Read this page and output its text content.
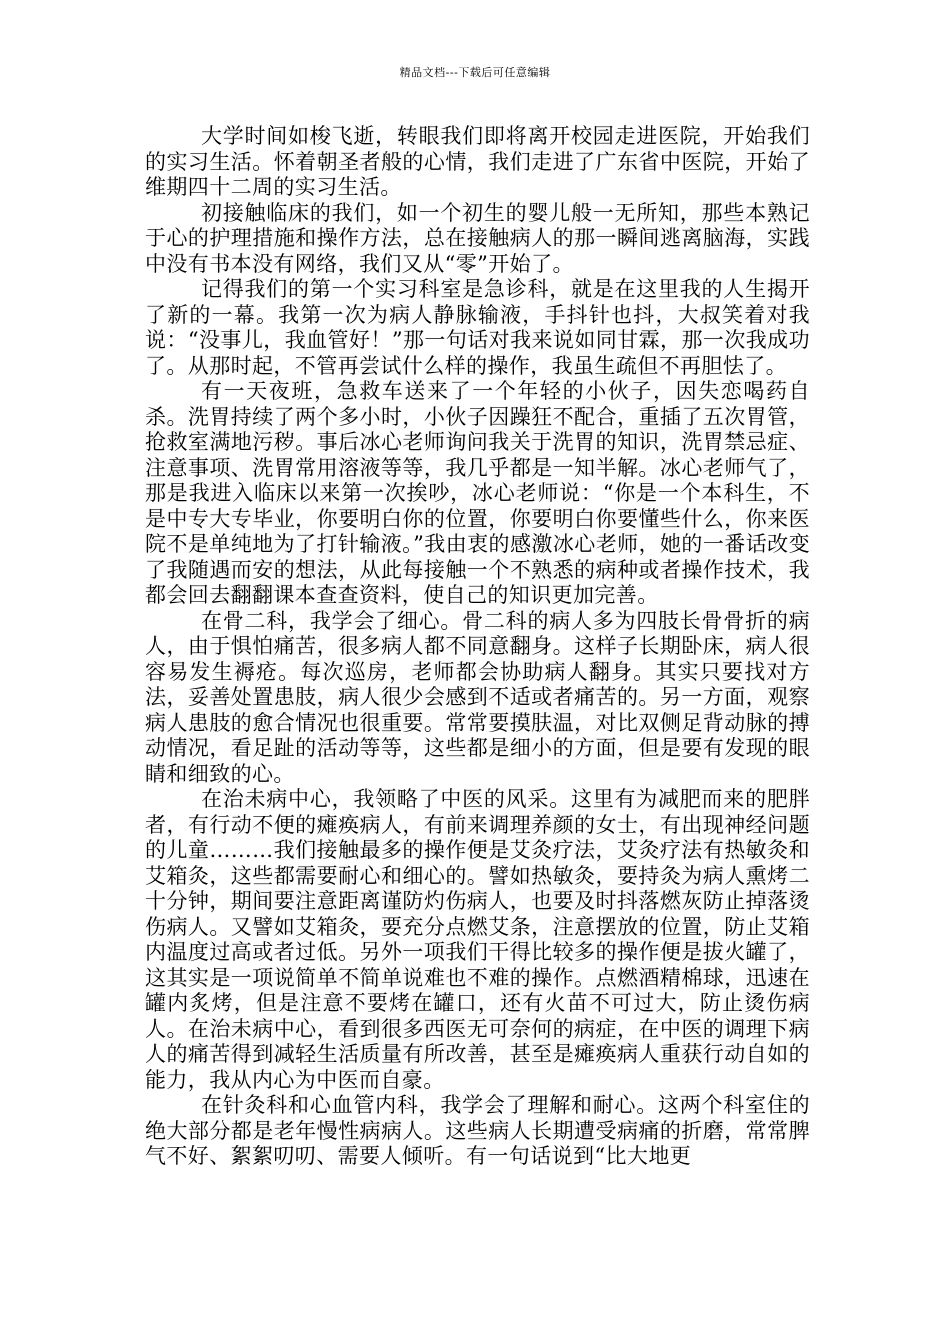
精品文档---下载后可任意编辑

大学时间如梭飞逝，转眼我们即将离开校园走进医院，开始我们的实习生活。怀着朝圣者般的心情，我们走进了广东省中医院，开始了维期四十二周的实习生活。

初接触临床的我们，如一个初生的婴儿般一无所知，那些本熟记于心的护理措施和操作方法，总在接触病人的那一瞬间逃离脑海，实践中没有书本没有网络，我们又从“零”开始了。

记得我们的第一个实习科室是急诊科，就是在这里我的人生揭开了新的一幕。我第一次为病人静脉输液，手抖针也抖，大叔笑着对我说：“没事儿，我血管好！”那一句话对我来说如同甘霖，那一次我成功了。从那时起，不管再尝试什么样的操作，我虽生疏但不再胆怯了。

有一天夜班，急救车送来了一个年轻的小伙子，因失恋喝药自杀。洗胃持续了两个多小时，小伙子因躁狂不配合，重插了五次胃管，抢救室满地污秽。事后冰心老师询问我关于洗胃的知识，洗胃禁忌症、注意事项、洗胃常用溶液等等，我几乎都是一知半解。冰心老师气了，那是我进入临床以来第一次挨吵，冰心老师说：“你是一个本科生，不是中专大专毕业，你要明白你的位置，你要明白你要懂些什么，你来医院不是单纯地为了打针输液。”我由衷的感激冰心老师，她的一番话改变了我随遇而安的想法，从此每接触一个不熟悉的病种或者操作技术，我都会回去翻翻课本查查资料，使自己的知识更加完善。

在骨二科，我学会了细心。骨二科的病人多为四肢长骨骨折的病人，由于惧怕痛苦，很多病人都不同意翻身。这样子长期卧床，病人很容易发生褥疮。每次巡房，老师都会协助病人翻身。其实只要找对方法，妥善处置患肢，病人很少会感到不适或者痛苦的。另一方面，观察病人患肢的愈合情况也很重要。常常要摸肤温，对比双侧足背动脉的搏动情况，看足趾的活动等等，这些都是细小的方面，但是要有发现的眼睛和细致的心。

在治未病中心，我领略了中医的风采。这里有为减肥而来的肥胖者，有行动不便的瘫痪病人，有前来调理养颜的女士，有出现神经问题的儿童………我们接触最多的操作便是艾灸疗法，艾灸疗法有热敏灸和艾箱灸，这些都需要耐心和细心的。譬如热敏灸，要持灸为病人熏烤二十分钟，期间要注意距离谨防灼伤病人，也要及时抖落燃灰防止掉落烫伤病人。又譬如艾箱灸，要充分点燃艾条，注意摆放的位置，防止艾箱内温度过高或者过低。另外一项我们干得比较多的操作便是拔火罐了，这其实是一项说简单不简单说难也不难的操作。点燃酒精棉球，迅速在罐内炙烤，但是注意不要烤在罐口，还有火苗不可过大，防止烫伤病人。在治未病中心，看到很多西医无可奈何的病症，在中医的调理下病人的痛苦得到减轻生活质量有所改善，甚至是瘫痪病人重获行动自如的能力，我从内心为中医而自豪。

在针灸科和心血管内科，我学会了理解和耐心。这两个科室住的绝大部分都是老年慢性病病人。这些病人长期遭受病痛的折磨，常常脾气不好、絮絮叨叨、需要人倾听。有一句话说到“比大地更
